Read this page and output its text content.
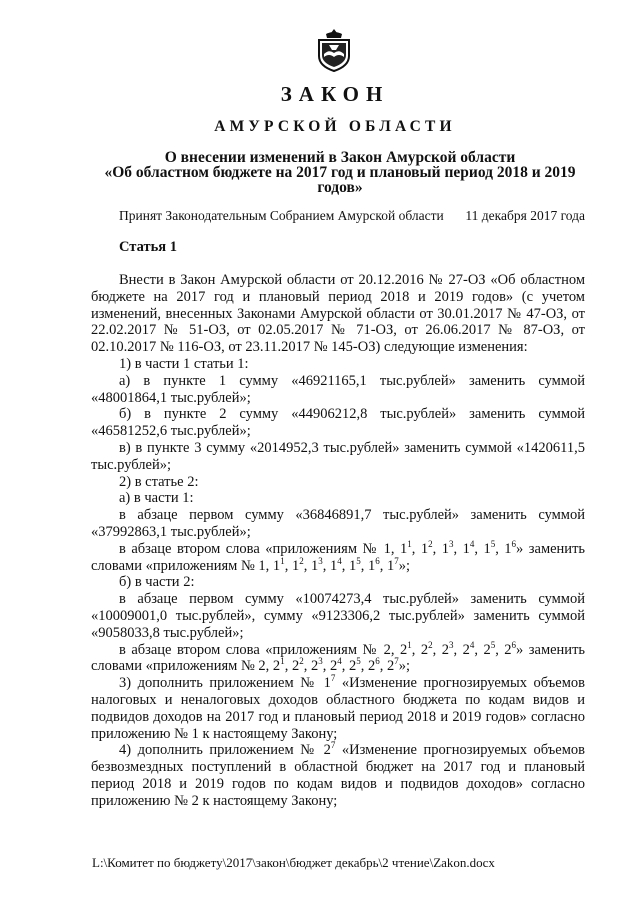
ЗАКОН
АМУРСКОЙ ОБЛАСТИ
О внесении изменений в Закон Амурской области
«Об областном бюджете на 2017 год и плановый период 2018 и 2019
годов»
Принят Законодательным Собранием Амурской области 11 декабря 2017 года
Статья 1

Внести в Закон Амурской области от 20.12.2016 № 27-ОЗ «Об областном бюджете на 2017 год и плановый период 2018 и 2019 годов» (с учетом изменений, внесенных Законами Амурской области от 30.01.2017 № 47-ОЗ, от 22.02.2017 № 51-ОЗ, от 02.05.2017 № 71-ОЗ, от 26.06.2017 № 87-ОЗ, от 02.10.2017 № 116-ОЗ, от 23.11.2017 № 145-ОЗ) следующие изменения:

1) в части 1 статьи 1:

а) в пункте 1 сумму «46921165,1 тыс.рублей» заменить суммой «48001864,1 тыс.рублей»;

б) в пункте 2 сумму «44906212,8 тыс.рублей» заменить суммой «46581252,6 тыс.рублей»;

в) в пункте 3 сумму «2014952,3 тыс.рублей» заменить суммой «1420611,5 тыс.рублей»;

2) в статье 2:

а) в части 1:

в абзаце первом сумму «36846891,7 тыс.рублей» заменить суммой «37992863,1 тыс.рублей»;

в абзаце втором слова «приложениям № 1, $1^1$, $1^2$, $1^3$, $1^4$, $1^5$, $1^6$» заменить словами «приложениям № 1, $1^1$, $1^2$, $1^3$, $1^4$, $1^5$, $1^6$, $1^7$»;

б) в части 2:

в абзаце первом сумму «10074273,4 тыс.рублей» заменить суммой «10009001,0 тыс.рублей», сумму «9123306,2 тыс.рублей» заменить суммой «9058033,8 тыс.рублей»;

в абзаце втором слова «приложениям № 2, $2^1$, $2^2$, $2^3$, $2^4$, $2^5$, $2^6$» заменить словами «приложениям № 2, $2^1$, $2^2$, $2^3$, $2^4$, $2^5$, $2^6$, $2^7$»;

3) дополнить приложением № $1^7$ «Изменение прогнозируемых объемов налоговых и неналоговых доходов областного бюджета по кодам видов и подвидов доходов на 2017 год и плановый период 2018 и 2019 годов» согласно приложению № 1 к настоящему Закону;

4) дополнить приложением № $2^7$ «Изменение прогнозируемых объемов безвозмездных поступлений в областной бюджет на 2017 год и плановый период 2018 и 2019 годов по кодам видов и подвидов доходов» согласно приложению № 2 к настоящему Закону;

L:\Комитет по бюджету\2017\закон\бюджет декабрь\2 чтение\Zakon.docx
